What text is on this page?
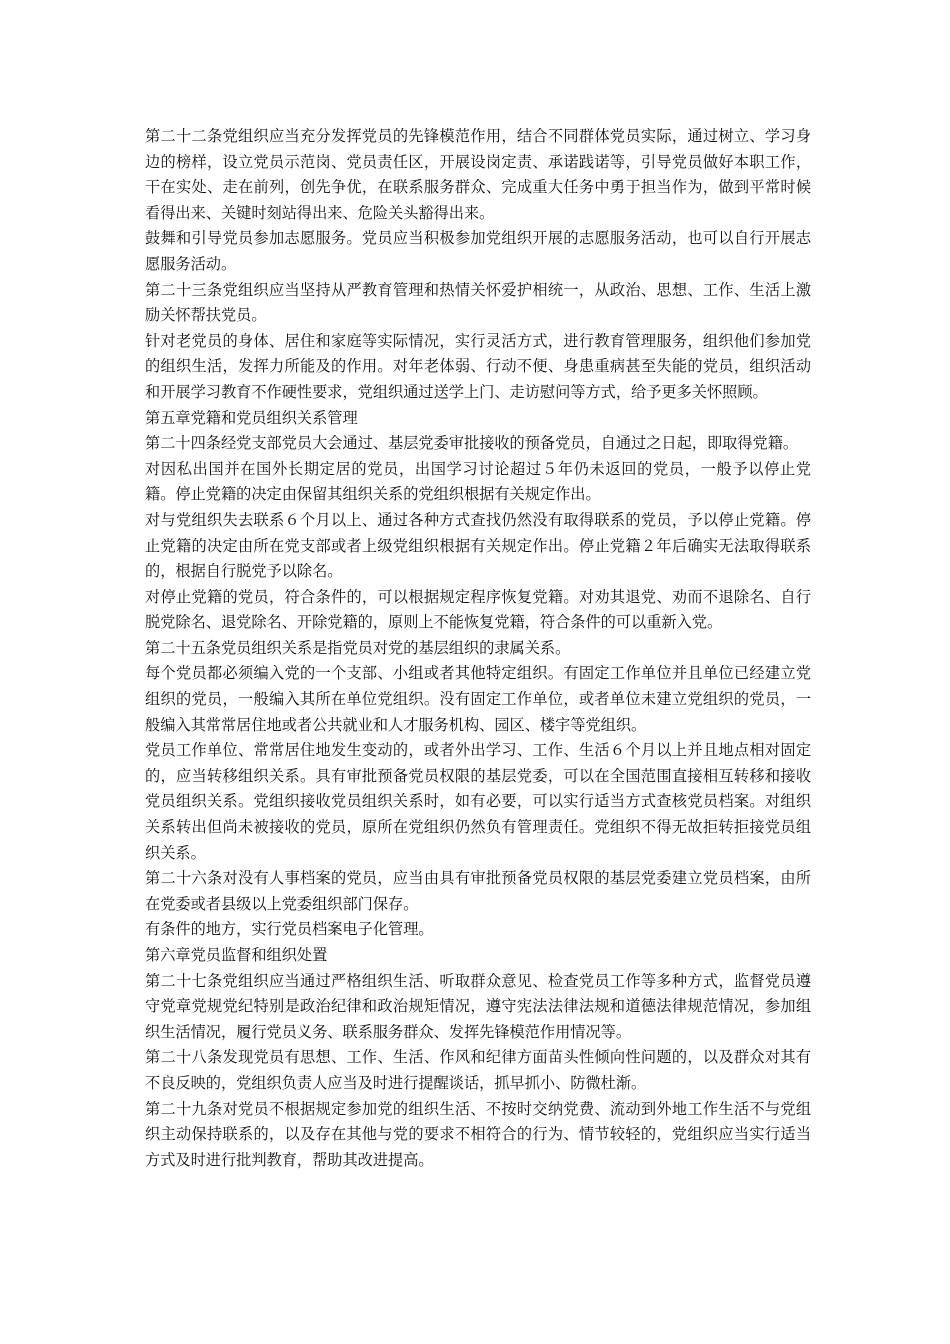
第二十二条党组织应当充分发挥党员的先锋模范作用，结合不同群体党员实际，通过树立、学习身边的榜样，设立党员示范岗、党员责任区，开展设岗定责、承诺践诺等，引导党员做好本职工作，干在实处、走在前列，创先争优，在联系服务群众、完成重大任务中勇于担当作为，做到平常时候看得出来、关键时刻站得出来、危险关头豁得出来。

鼓舞和引导党员参加志愿服务。党员应当积极参加党组织开展的志愿服务活动，也可以自行开展志愿服务活动。

第二十三条党组织应当坚持从严教育管理和热情关怀爱护相统一，从政治、思想、工作、生活上激励关怀帮扶党员。

针对老党员的身体、居住和家庭等实际情况，实行灵活方式，进行教育管理服务，组织他们参加党的组织生活，发挥力所能及的作用。对年老体弱、行动不便、身患重病甚至失能的党员，组织活动和开展学习教育不作硬性要求，党组织通过送学上门、走访慰问等方式，给予更多关怀照顾。

第五章党籍和党员组织关系管理

第二十四条经党支部党员大会通过、基层党委审批接收的预备党员，自通过之日起，即取得党籍。

对因私出国并在国外长期定居的党员，出国学习讨论超过５年仍未返回的党员，一般予以停止党籍。停止党籍的决定由保留其组织关系的党组织根据有关规定作出。

对与党组织失去联系６个月以上、通过各种方式查找仍然没有取得联系的党员，予以停止党籍。停止党籍的决定由所在党支部或者上级党组织根据有关规定作出。停止党籍２年后确实无法取得联系的，根据自行脱党予以除名。

对停止党籍的党员，符合条件的，可以根据规定程序恢复党籍。对劝其退党、劝而不退除名、自行脱党除名、退党除名、开除党籍的，原则上不能恢复党籍，符合条件的可以重新入党。

第二十五条党员组织关系是指党员对党的基层组织的隶属关系。

每个党员都必须编入党的一个支部、小组或者其他特定组织。有固定工作单位并且单位已经建立党组织的党员，一般编入其所在单位党组织。没有固定工作单位，或者单位未建立党组织的党员，一般编入其常常居住地或者公共就业和人才服务机构、园区、楼宇等党组织。

党员工作单位、常常居住地发生变动的，或者外出学习、工作、生活６个月以上并且地点相对固定的，应当转移组织关系。具有审批预备党员权限的基层党委，可以在全国范围直接相互转移和接收党员组织关系。党组织接收党员组织关系时，如有必要，可以实行适当方式查核党员档案。对组织关系转出但尚未被接收的党员，原所在党组织仍然负有管理责任。党组织不得无故拒转拒接党员组织关系。

第二十六条对没有人事档案的党员，应当由具有审批预备党员权限的基层党委建立党员档案，由所在党委或者县级以上党委组织部门保存。

有条件的地方，实行党员档案电子化管理。

第六章党员监督和组织处置

第二十七条党组织应当通过严格组织生活、听取群众意见、检查党员工作等多种方式，监督党员遵守党章党规党纪特别是政治纪律和政治规矩情况，遵守宪法法律法规和道德法律规范情况，参加组织生活情况，履行党员义务、联系服务群众、发挥先锋模范作用情况等。

第二十八条发现党员有思想、工作、生活、作风和纪律方面苗头性倾向性问题的，以及群众对其有不良反映的，党组织负责人应当及时进行提醒谈话，抓早抓小、防微杜渐。

第二十九条对党员不根据规定参加党的组织生活、不按时交纳党费、流动到外地工作生活不与党组织主动保持联系的，以及存在其他与党的要求不相符合的行为、情节较轻的，党组织应当实行适当方式及时进行批判教育，帮助其改进提高。
